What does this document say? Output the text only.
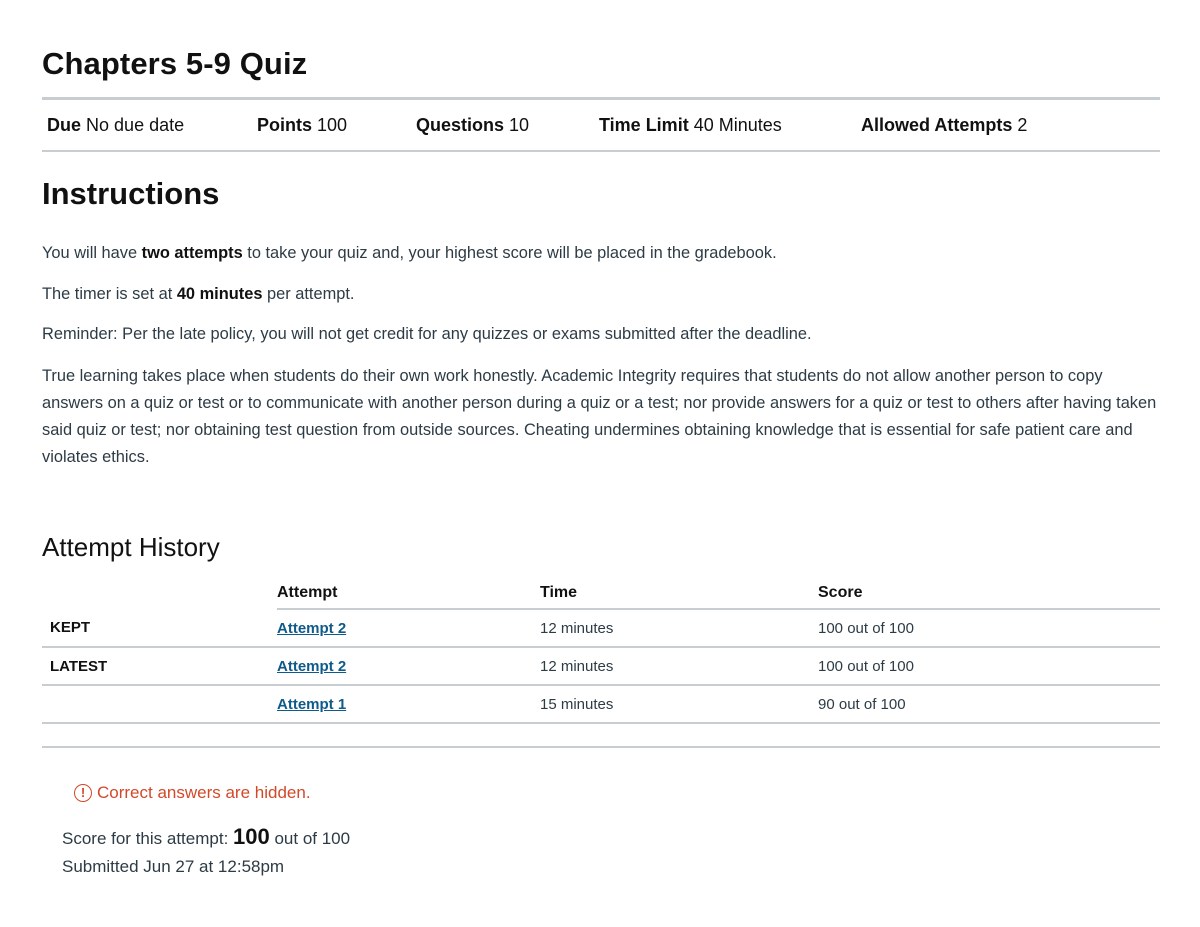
Chapters 5-9 Quiz
Due No due date	Points 100	Questions 10	Time Limit 40 Minutes	Allowed Attempts 2
Instructions

You will have two attempts to take your quiz and, your highest score will be placed in the gradebook.

The timer is set at 40 minutes per attempt.

Reminder: Per the late policy, you will not get credit for any quizzes or exams submitted after the deadline.

True learning takes place when students do their own work honestly. Academic Integrity requires that students do not allow another person to copy answers on a quiz or test or to communicate with another person during a quiz or a test; nor provide answers for a quiz or test to others after having taken said quiz or test; nor obtaining test question from outside sources. Cheating undermines obtaining knowledge that is essential for safe patient care and violates ethics.

Attempt History
	Attempt	Time	Score
KEPT	Attempt 2	12 minutes	100 out of 100
LATEST	Attempt 2	12 minutes	100 out of 100
	Attempt 1	15 minutes	90 out of 100
! Correct answers are hidden.
Score for this attempt: 100 out of 100
Submitted Jun 27 at 12:58pm
